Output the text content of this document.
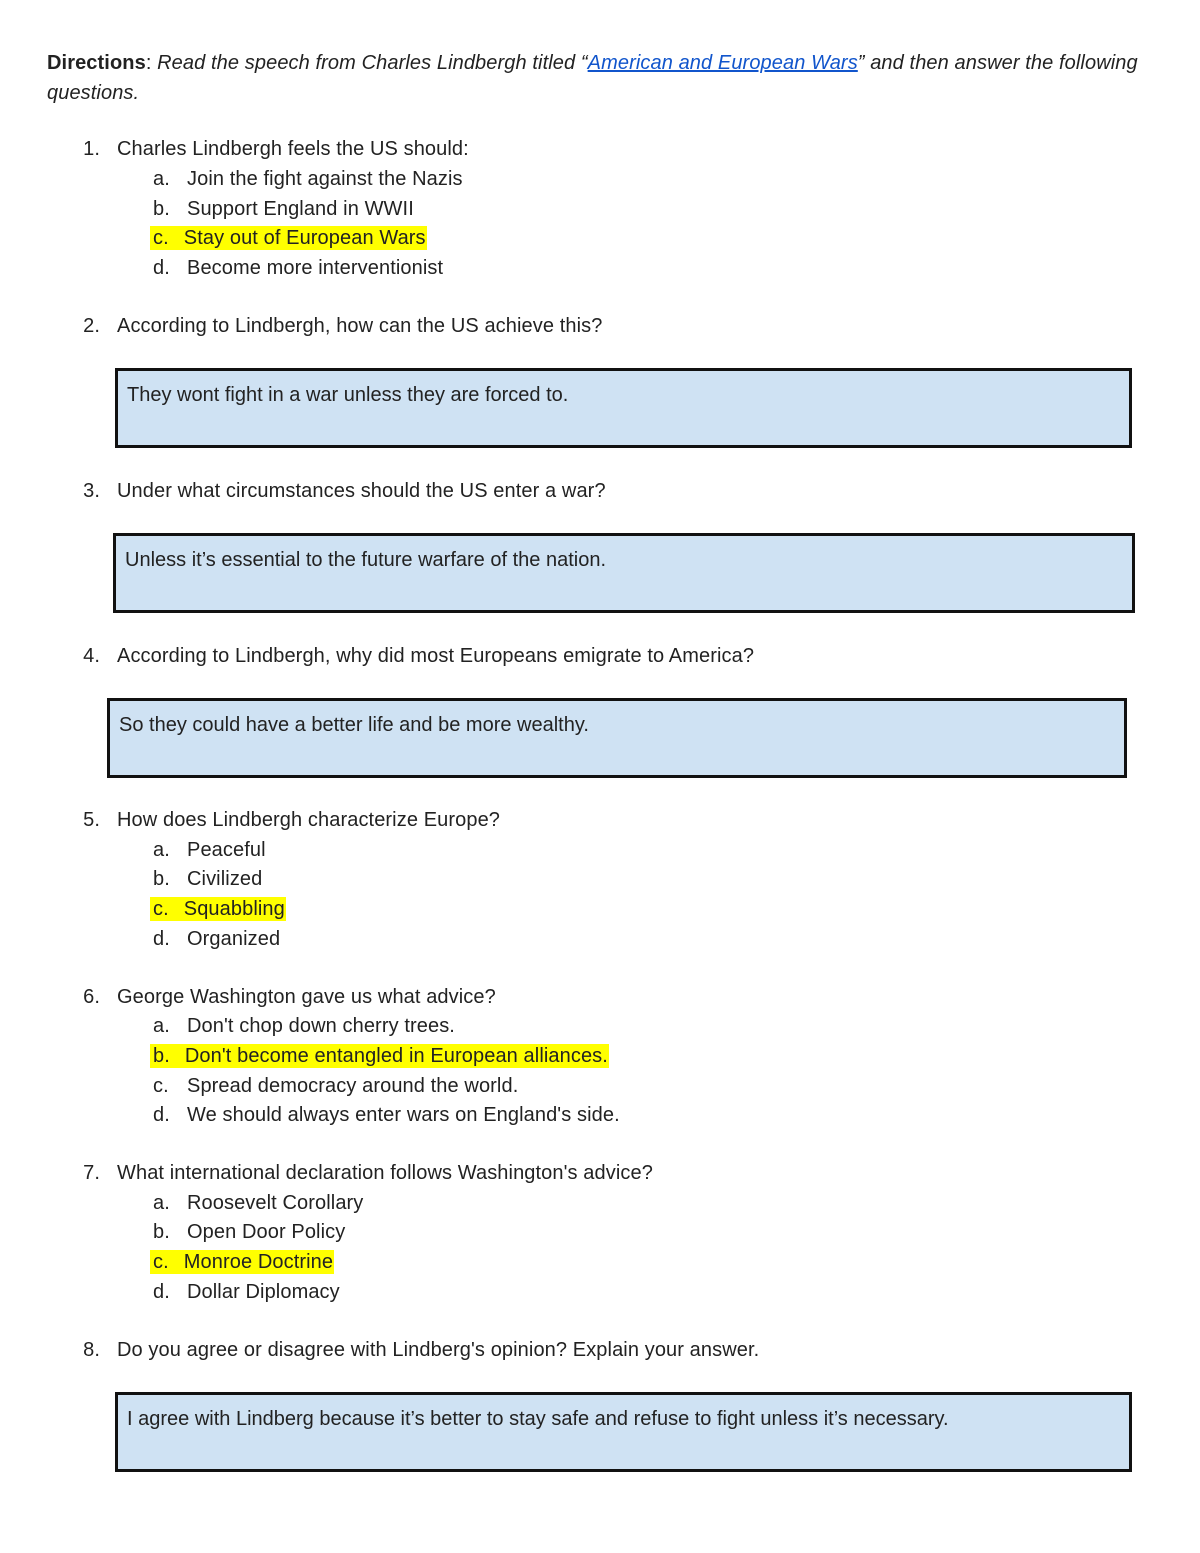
Directions: Read the speech from Charles Lindbergh titled “American and European Wars” and then answer the following questions.
1. Charles Lindbergh feels the US should:
a. Join the fight against the Nazis
b. Support England in WWII
c. Stay out of European Wars
d. Become more interventionist
2. According to Lindbergh, how can the US achieve this?
They wont fight in a war unless they are forced to.
3. Under what circumstances should the US enter a war?
Unless it’s essential to the future warfare of the nation.
4. According to Lindbergh, why did most Europeans emigrate to America?
So they could have a better life and be more wealthy.
5. How does Lindbergh characterize Europe?
a. Peaceful
b. Civilized
c. Squabbling
d. Organized
6. George Washington gave us what advice?
a. Don't chop down cherry trees.
b. Don't become entangled in European alliances.
c. Spread democracy around the world.
d. We should always enter wars on England's side.
7. What international declaration follows Washington's advice?
a. Roosevelt Corollary
b. Open Door Policy
c. Monroe Doctrine
d. Dollar Diplomacy
8. Do you agree or disagree with Lindberg's opinion? Explain your answer.
I agree with Lindberg because it’s better to stay safe and refuse to fight unless it’s necessary.
